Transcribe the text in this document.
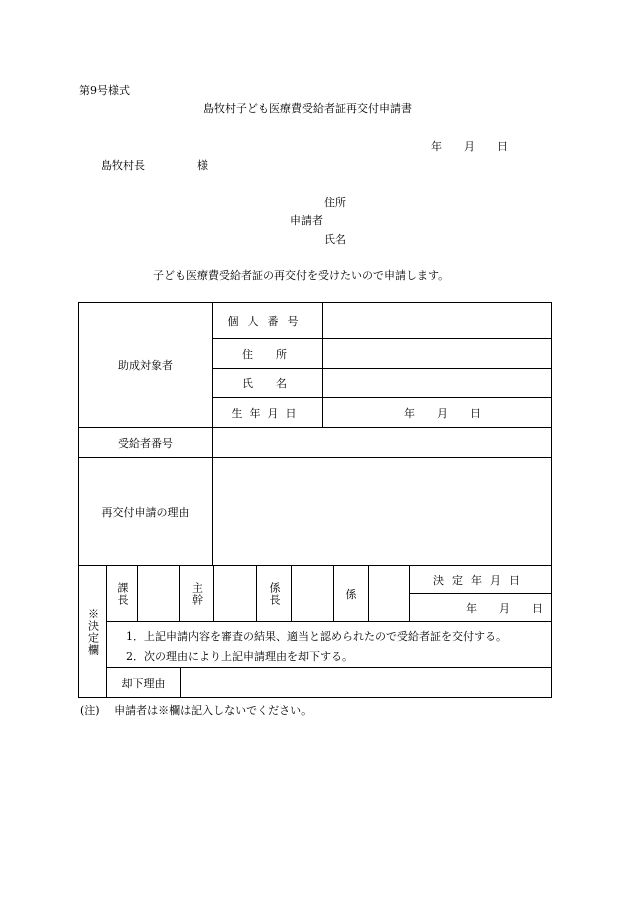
第9号様式
島牧村子ども医療費受給者証再交付申請書
年　　月　　日
島牧村長	様
住所
申請者
氏名
子ども医療費受給者証の再交付を受けたいので申請します。
助成対象者
個人番号
住　所
氏　名
生年月日	年　　月　　日
受給者番号
再交付申請の理由
※決定欄
課長	主幹	係長	係
決定年月日
年　　月　　日
1．上記申請内容を審査の結果、適当と認められたので受給者証を交付する。
2．次の理由により上記申請理由を却下する。
却下理由
(注)　 申請者は※欄は記入しないでください。
